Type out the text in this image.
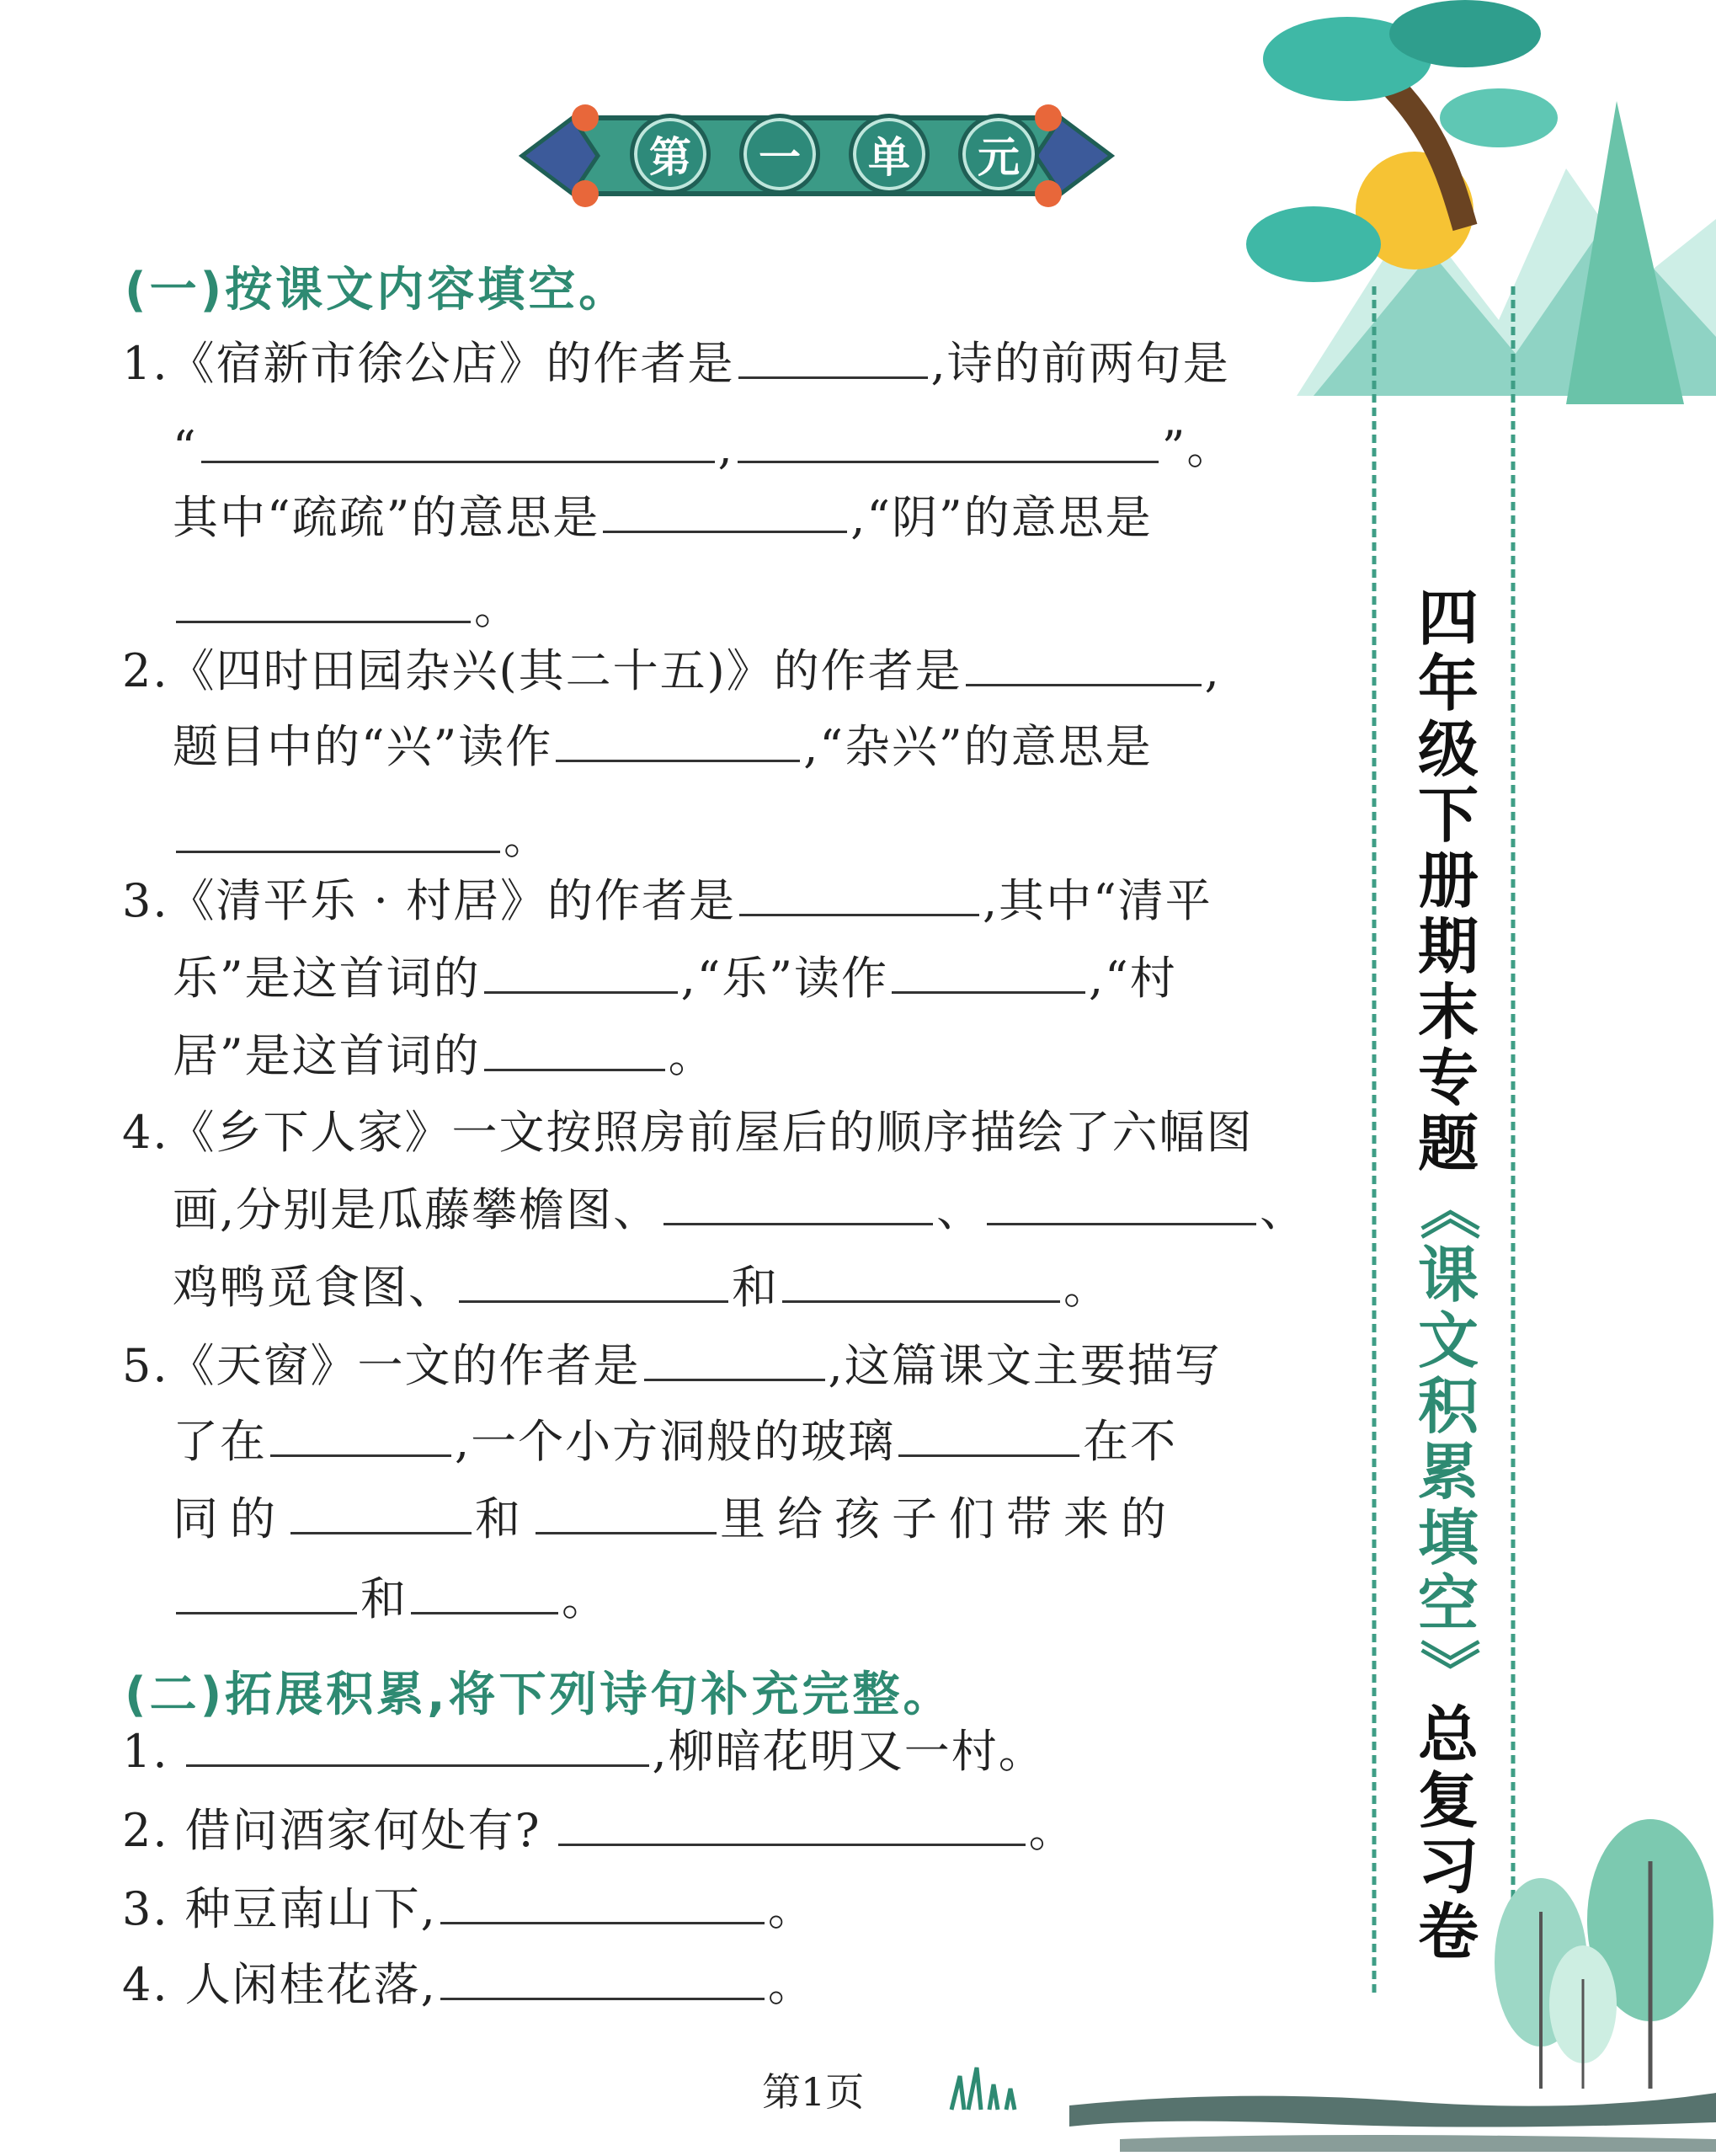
第	一	单	元
(一)按课文内容填空。
1.《宿新市徐公店》的作者是	,诗的前两句是
“	,	”。
其中“疏疏”的意思是	,“阴”的意思是
。
2.《四时田园杂兴(其二十五)》的作者是	,
题目中的“兴”读作	,“杂兴”的意思是
。
3.《清平乐 · 村居》的作者是	,其中“清平
乐”是这首词的	,“乐”读作	,“村
居”是这首词的	。
4.《乡下人家》一文按照房前屋后的顺序描绘了六幅图
画,分别是瓜藤攀檐图、	、	、
鸡鸭觅食图、	和	。
5.《天窗》一文的作者是	,这篇课文主要描写
了在	,一个小方洞般的玻璃	在不
同的	和	里给孩子们带来的
和	。
(二)拓展积累,将下列诗句补充完整。
1.	,柳暗花明又一村。
2. 借问酒家何处有?	。
3. 种豆南山下,	。
4. 人闲桂花落,	。
四
年
级
下
册
期
末
专
题
《
课
文
积
累
填
空
》
总
复
习
卷
第1页
